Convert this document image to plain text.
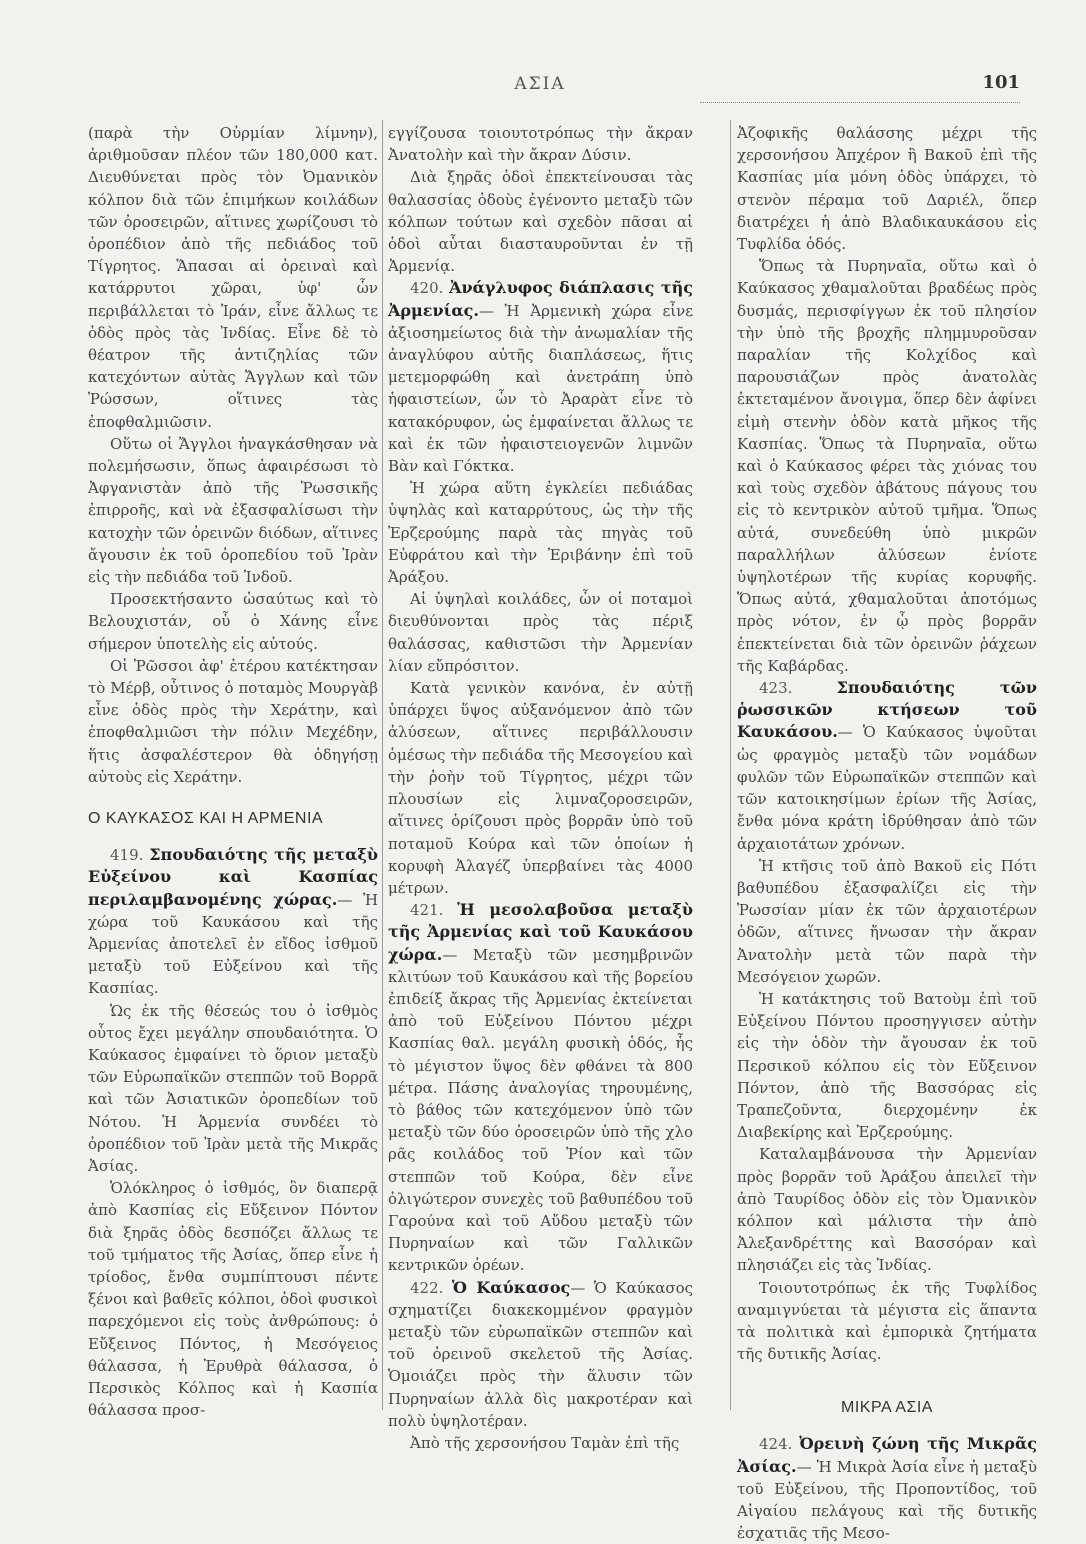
ΑΣΙΑ	101

(παρὰ τὴν Οὐρμίαν λίμνην), ἀριθμοῦσαν πλέον τῶν 180,000 κατ. Διευθύνεται πρὸς τὸν Ὀμανικὸν κόλπον διὰ τῶν ἐπιμήκων κοιλάδων τῶν ὀροσειρῶν, αἵτινες χωρίζουσι τὸ ὀροπέδιον ἀπὸ τῆς πεδιάδος τοῦ Τίγρητος. Ἅπασαι αἱ ὀρειναὶ καὶ κατάρρυτοι χῶραι, ὑφ' ὧν περιβάλλεται τὸ Ἰράν, εἶνε ἄλλως τε ὁδὸς πρὸς τὰς Ἰνδίας. Εἶνε δὲ τὸ θέατρον τῆς ἀντιζηλίας τῶν κατεχόντων αὐτὰς Ἄγγλων καὶ τῶν Ῥώσσων, οἵτινες τὰς ἐποφθαλμιῶσιν.

Οὕτω οἱ Ἄγγλοι ἠναγκάσθησαν νὰ πολεμήσωσιν, ὅπως ἀφαιρέσωσι τὸ Ἀφγανιστὰν ἀπὸ τῆς Ῥωσσικῆς ἐπιρροῆς, καὶ νὰ ἐξασφαλίσωσι τὴν κατοχὴν τῶν ὀρεινῶν διόδων, αἵτινες ἄγουσιν ἐκ τοῦ ὀροπεδίου τοῦ Ἰρὰν εἰς τὴν πεδιάδα τοῦ Ἰνδοῦ.

Προσεκτήσαντο ὡσαύτως καὶ τὸ Βελουχιστάν, οὗ ὁ Χάνης εἶνε σήμερον ὑποτελὴς εἰς αὐτούς.

Οἱ Ῥῶσσοι ἀφ' ἑτέρου κατέκτησαν τὸ Μέρβ, οὗτινος ὁ ποταμὸς Μουργὰβ εἶνε ὁδὸς πρὸς τὴν Χεράτην, καὶ ἐποφθαλμιῶσι τὴν πόλιν Μεχέδην, ἥτις ἀσφαλέστερον θὰ ὁδηγήσῃ αὐτοὺς εἰς Χεράτην.

Ο ΚΑΥΚΑΣΟΣ ΚΑΙ Η ΑΡΜΕΝΙΑ

419. Σπουδαιότης τῆς μεταξὺ Εὐξείνου καὶ Κασπίας περιλαμβανομένης χώρας.— Ἡ χώρα τοῦ Καυκάσου καὶ τῆς Ἀρμενίας ἀποτελεῖ ἐν εἴδος ἰσθμοῦ μεταξὺ τοῦ Εὐξείνου καὶ τῆς Κασπίας.

Ὡς ἐκ τῆς θέσεώς του ὁ ἰσθμὸς οὗτος ἔχει μεγάλην σπουδαιότητα. Ὁ Καύκασος ἐμφαίνει τὸ ὅριον μεταξὺ τῶν Εὐρωπαϊκῶν στεππῶν τοῦ Βορρᾶ καὶ τῶν Ἀσιατικῶν ὀροπεδίων τοῦ Νότου. Ἡ Ἀρμενία συνδέει τὸ ὀροπέδιον τοῦ Ἰρὰν μετὰ τῆς Μικρᾶς Ἀσίας.

Ὁλόκληρος ὁ ἰσθμός, ὃν διαπερᾷ ἀπὸ Κασπίας εἰς Εὔξεινον Πόντον διὰ ξηρᾶς ὁδὸς δεσπόζει ἄλλως τε τοῦ τμήματος τῆς Ἀσίας, ὅπερ εἶνε ἡ τρίοδος, ἔνθα συμπίπτουσι πέντε ξένοι καὶ βαθεῖς κόλποι, ὁδοὶ φυσικοὶ παρεχόμενοι εἰς τοὺς ἀνθρώπους: ὁ Εὔξεινος Πόντος, ἡ Μεσόγειος θάλασσα, ἡ Ἐρυθρὰ θάλασσα, ὁ Περσικὸς Κόλπος καὶ ἡ Κασπία θάλασσα προσ-

εγγίζουσα τοιουτοτρόπως τὴν ἄκραν Ἀνατολὴν καὶ τὴν ἄκραν Δύσιν.

Διὰ ξηρᾶς ὁδοὶ ἐπεκτείνουσαι τὰς θαλασσίας ὁδοὺς ἐγένοντο μεταξὺ τῶν κόλπων τούτων καὶ σχεδὸν πᾶσαι αἱ ὁδοὶ αὗται διασταυροῦνται ἐν τῇ Ἀρμενίᾳ.

420. Ἀνάγλυφος διάπλασις τῆς Ἀρμενίας.— Ἡ Ἀρμενικὴ χώρα εἶνε ἀξιοσημείωτος διὰ τὴν ἀνωμαλίαν τῆς ἀναγλύφου αὐτῆς διαπλάσεως, ἥτις μετεμορφώθη καὶ ἀνετράπη ὑπὸ ἡφαιστείων, ὧν τὸ Ἀραρὰτ εἶνε τὸ κατακόρυφον, ὡς ἐμφαίνεται ἄλλως τε καὶ ἐκ τῶν ἡφαιστειογενῶν λιμνῶν Βὰν καὶ Γόκτκα.

Ἡ χώρα αὕτη ἐγκλείει πεδιάδας ὑψηλὰς καὶ καταρρύτους, ὡς τὴν τῆς Ἐρζερούμης παρὰ τὰς πηγὰς τοῦ Εὐφράτου καὶ τὴν Ἐριβάνην ἐπὶ τοῦ Ἀράξου.

Αἱ ὑψηλαὶ κοιλάδες, ὧν οἱ ποταμοὶ διευθύνονται πρὸς τὰς πέριξ θαλάσσας, καθιστῶσι τὴν Ἀρμενίαν λίαν εὔπρόσιτον.

Κατὰ γενικὸν κανόνα, ἐν αὐτῇ ὑπάρχει ὕψος αὐξανόμενον ἀπὸ τῶν ἁλύσεων, αἵτινες περιβάλλουσιν ὁμέσως τὴν πεδιάδα τῆς Μεσογείου καὶ τὴν ῥοὴν τοῦ Τίγρητος, μέχρι τῶν πλουσίων εἰς λιμναζοροσειρῶν, αἵτινες ὁρίζουσι πρὸς βορρᾶν ὑπὸ τοῦ ποταμοῦ Κούρα καὶ τῶν ὁποίων ἡ κορυφὴ Ἀλαγέζ ὑπερβαίνει τὰς 4000 μέτρων.

421. Ἡ μεσολαβοῦσα μεταξὺ τῆς Ἀρμενίας καὶ τοῦ Καυκάσου χώρα.— Μεταξὺ τῶν μεσημβρινῶν κλιτύων τοῦ Καυκάσου καὶ τῆς βορείου ἐπιδείξ ἄκρας τῆς Ἀρμενίας ἐκτείνεται ἀπὸ τοῦ Εὐξείνου Πόντου μέχρι Κασπίας θαλ. μεγάλη φυσικὴ ὁδός, ἧς τὸ μέγιστον ὕψος δὲν φθάνει τὰ 800 μέτρα. Πάσης ἀναλογίας τηρουμένης, τὸ βάθος τῶν κατεχόμενον ὑπὸ τῶν μεταξὺ τῶν δύο ὀροσειρῶν ὑπὸ τῆς χλο ρᾶς κοιλάδος τοῦ Ῥίον καὶ τῶν στεππῶν τοῦ Κούρα, δὲν εἶνε ὀλιγώτερον συνεχὲς τοῦ βαθυπέδου τοῦ Γαρούνα καὶ τοῦ Αὔδου μεταξὺ τῶν Πυρηναίων καὶ τῶν Γαλλικῶν κεντρικῶν ὀρέων.

422. Ὁ Καύκασος— Ὁ Καύκασος σχηματίζει διακεκομμένον φραγμὸν μεταξὺ τῶν εὐρωπαϊκῶν στεππῶν καὶ τοῦ ὀρεινοῦ σκελετοῦ τῆς Ἀσίας. Ὁμοιάζει πρὸς τὴν ἅλυσιν τῶν Πυρηναίων ἀλλὰ δὶς μακροτέραν καὶ πολὺ ὑψηλοτέραν.

Ἀπὸ τῆς χερσονήσου Ταμὰν ἐπὶ τῆς

Ἀζοφικῆς θαλάσσης μέχρι τῆς χερσονήσου Ἀπχέρον ἢ Βακοῦ ἐπὶ τῆς Κασπίας μία μόνη ὁδὸς ὑπάρχει, τὸ στενὸν πέραμα τοῦ Δαριέλ, ὅπερ διατρέχει ἡ ἀπὸ Βλαδικαυκάσου εἰς Τυφλίδα ὁδός.

Ὅπως τὰ Πυρηναῖα, οὕτω καὶ ὁ Καύκασος χθαμαλοῦται βραδέως πρὸς δυσμάς, περισφίγγων ἐκ τοῦ πλησίον τὴν ὑπὸ τῆς βροχῆς πλημμυροῦσαν παραλίαν τῆς Κολχίδος καὶ παρουσιάζων πρὸς ἀνατολὰς ἐκτεταμένον ἄνοιγμα, ὅπερ δὲν ἀφίνει εἰμὴ στενὴν ὁδὸν κατὰ μῆκος τῆς Κασπίας. Ὅπως τὰ Πυρηναῖα, οὕτω καὶ ὁ Καύκασος φέρει τὰς χιόνας του καὶ τοὺς σχεδὸν ἀβάτους πάγους του εἰς τὸ κεντρικὸν αὐτοῦ τμῆμα. Ὅπως αὐτά, συνεδεύθη ὑπὸ μικρῶν παραλλήλων ἁλύσεων ἐνίοτε ὑψηλοτέρων τῆς κυρίας κορυφῆς. Ὅπως αὐτά, χθαμαλοῦται ἀποτόμως πρὸς νότον, ἐν ᾧ πρὸς βορρᾶν ἐπεκτείνεται διὰ τῶν ὀρεινῶν ῥάχεων τῆς Καβάρδας.

423.	Σπουδαιότης τῶν ῥωσσικῶν κτήσεων τοῦ Καυκάσου.— Ὁ Καύκασος ὑψοῦται ὡς φραγμὸς μεταξὺ τῶν νομάδων φυλῶν τῶν Εὐρωπαϊκῶν στεππῶν καὶ τῶν κατοικησίμων ἐρίων τῆς Ἀσίας, ἔνθα μόνα κράτη ἱδρύθησαν ἀπὸ τῶν ἀρχαιοτάτων χρόνων.

Ἡ κτῆσις τοῦ ἀπὸ Βακοῦ εἰς Πότι βαθυπέδου ἐξασφαλίζει εἰς τὴν Ῥωσσίαν μίαν ἐκ τῶν ἀρχαιοτέρων ὁδῶν, αἵτινες ἤνωσαν τὴν ἄκραν Ἀνατολὴν μετὰ τῶν παρὰ τὴν Μεσόγειον χωρῶν.

Ἡ κατάκτησις τοῦ Βατοὺμ ἐπὶ τοῦ Εὐξείνου Πόντου προσηγγισεν αὐτὴν εἰς τὴν ὁδὸν τὴν ἄγουσαν ἐκ τοῦ Περσικοῦ κόλπου εἰς τὸν Εὔξεινον Πόντον, ἀπὸ τῆς Βασσόρας εἰς Τραπεζοῦντα, διερχομένην ἐκ Διαβεκίρης καὶ Ἐρζερούμης.

Καταλαμβάνουσα τὴν Ἀρμενίαν πρὸς βορρᾶν τοῦ Ἀράξου ἀπειλεῖ τὴν ἀπὸ Ταυρίδος ὁδὸν εἰς τὸν Ὀμανικὸν κόλπον καὶ μάλιστα τὴν ἀπὸ Ἀλεξανδρέττης καὶ Βασσόραν καὶ πλησιάζει εἰς τὰς Ἰνδίας.

Τοιουτοτρόπως ἐκ τῆς Τυφλίδος αναμιγνύεται τὰ μέγιστα εἰς ἅπαντα τὰ πολιτικὰ καὶ ἐμπορικὰ ζητήματα τῆς δυτικῆς Ἀσίας.

ΜΙΚΡΑ ΑΣΙΑ

424. Ὀρεινὴ ζώνη τῆς Μικρᾶς Ἀσίας.— Ἡ Μικρὰ Ἀσία εἶνε ἡ μεταξὺ τοῦ Εὐξείνου, τῆς Προποντίδος, τοῦ Αἰγαίου πελάγους καὶ τῆς δυτικῆς ἐσχατιᾶς τῆς Μεσο-
